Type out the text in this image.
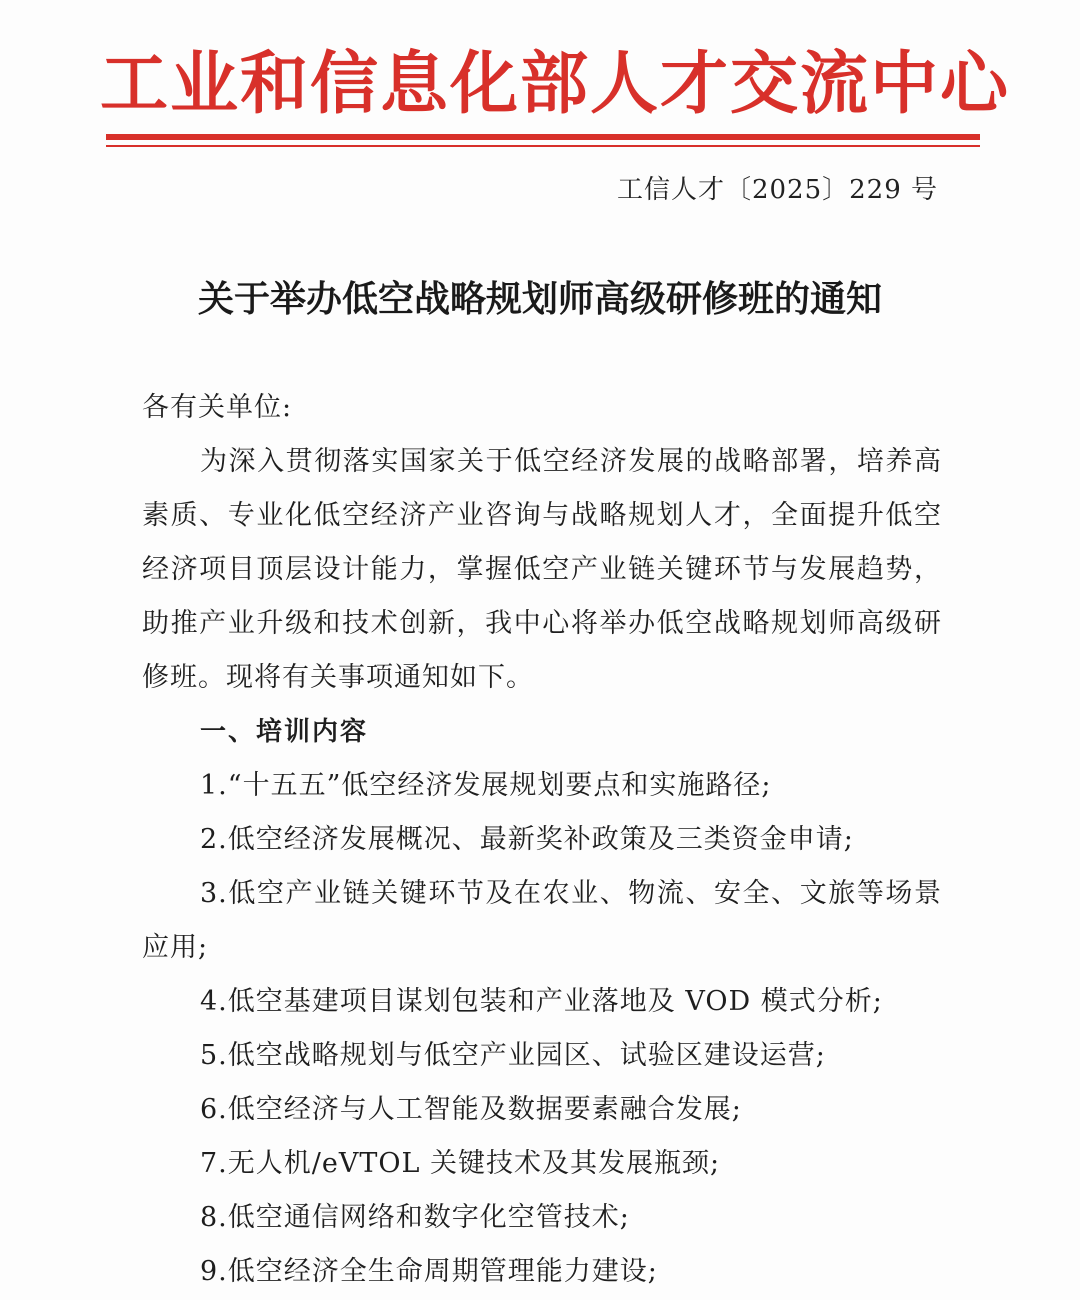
工业和信息化部人才交流中心
工信人才〔2025〕229 号
关于举办低空战略规划师高级研修班的通知

各有关单位:

为深入贯彻落实国家关于低空经济发展的战略部署，培养高素质、专业化低空经济产业咨询与战略规划人才，全面提升低空经济项目顶层设计能力，掌握低空产业链关键环节与发展趋势，助推产业升级和技术创新，我中心将举办低空战略规划师高级研修班。现将有关事项通知如下。

一、培训内容

1.“十五五”低空经济发展规划要点和实施路径;

2.低空经济发展概况、最新奖补政策及三类资金申请;

3.低空产业链关键环节及在农业、物流、安全、文旅等场景应用;

4.低空基建项目谋划包装和产业落地及 VOD 模式分析;

5.低空战略规划与低空产业园区、试验区建设运营;

6.低空经济与人工智能及数据要素融合发展;

7.无人机/eVTOL 关键技术及其发展瓶颈;

8.低空通信网络和数字化空管技术;

9.低空经济全生命周期管理能力建设;
